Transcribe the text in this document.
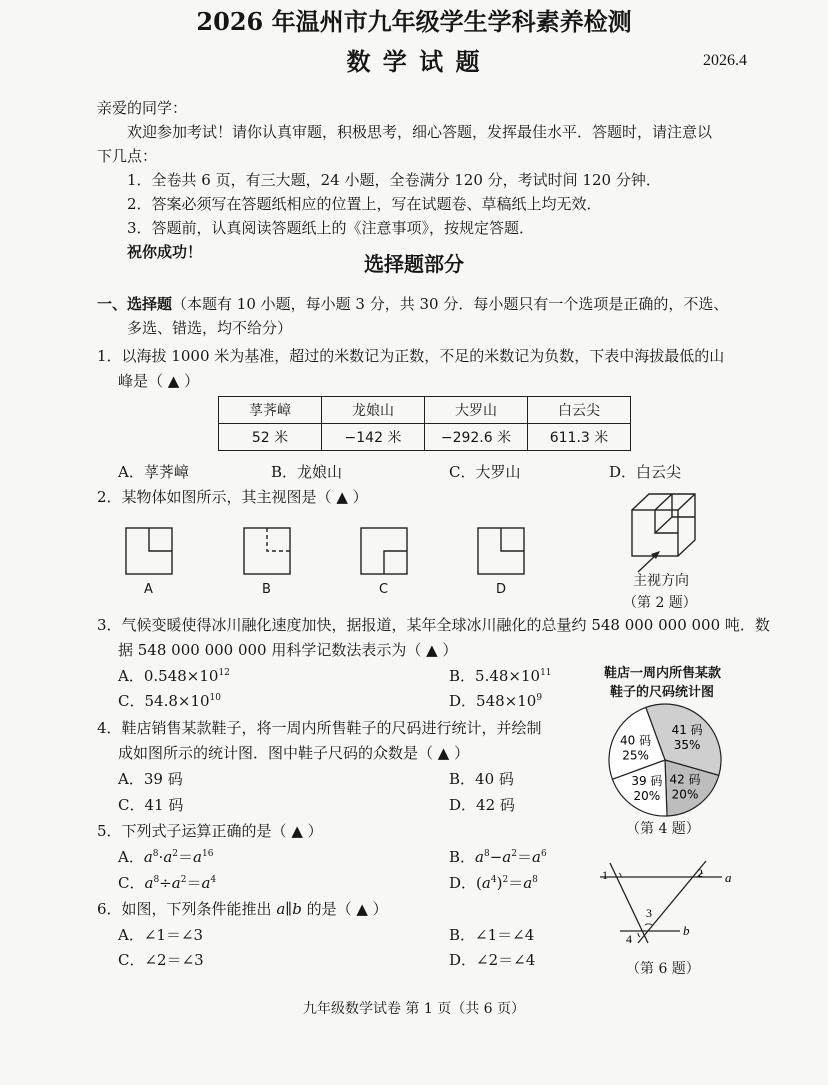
2026 年温州市九年级学生学科素养检测
数 学 试 题	2026.4
亲爱的同学：
欢迎参加考试！请你认真审题，积极思考，细心答题，发挥最佳水平．答题时，请注意以
下几点：
1．全卷共 6 页，有三大题，24 小题，全卷满分 120 分，考试时间 120 分钟．
2．答案必须写在答题纸相应的位置上，写在试题卷、草稿纸上均无效．
3．答题前，认真阅读答题纸上的《注意事项》，按规定答题．
祝你成功！	选择题部分
一、选择题（本题有 10 小题，每小题 3 分，共 30 分．每小题只有一个选项是正确的，不选、
多选、错选，均不给分）
1．以海拔 1000 米为基准，超过的米数记为正数，不足的米数记为负数，下表中海拔最低的山
峰是（ ▲ ）
莩荠嶂	龙娘山	大罗山	白云尖
52 米	−142 米	−292.6 米	611.3 米
A．莩荠嶂	B．龙娘山	C．大罗山	D．白云尖
2．某物体如图所示，其主视图是（ ▲ ）
A	B	C	D
主视方向
（第 2 题）
3．气候变暖使得冰川融化速度加快，据报道，某年全球冰川融化的总量约 548 000 000 000 吨．数
据 548 000 000 000 用科学记数法表示为（ ▲ ）
A．$0.548\times 10^{12}$	B．$5.48\times 10^{11}$
C．$54.8\times 10^{10}$	D．$548\times 10^9$
4．鞋店销售某款鞋子，将一周内所售鞋子的尺码进行统计，并绘制
成如图所示的统计图．图中鞋子尺码的众数是（ ▲ ）
A．39 码	B．40 码
C．41 码	D．42 码
鞋店一周内所售某款
鞋子的尺码统计图
41 码
35%
42 码
20%
39 码
20%
40 码
25%
（第 4 题）
5．下列式子运算正确的是（ ▲ ）
A．$a^8\cdot a^2=a^{16}$	B．$a^8-a^2=a^6$
C．$a^8\div a^2=a^4$	D．$(a^4)^2=a^8$
6．如图，下列条件能推出 a∥b 的是（ ▲ ）
A．∠1＝∠3	B．∠1＝∠4
C．∠2＝∠3	D．∠2＝∠4
1	2
3
4
a
b
（第 6 题）
九年级数学试卷 第 1 页（共 6 页）
